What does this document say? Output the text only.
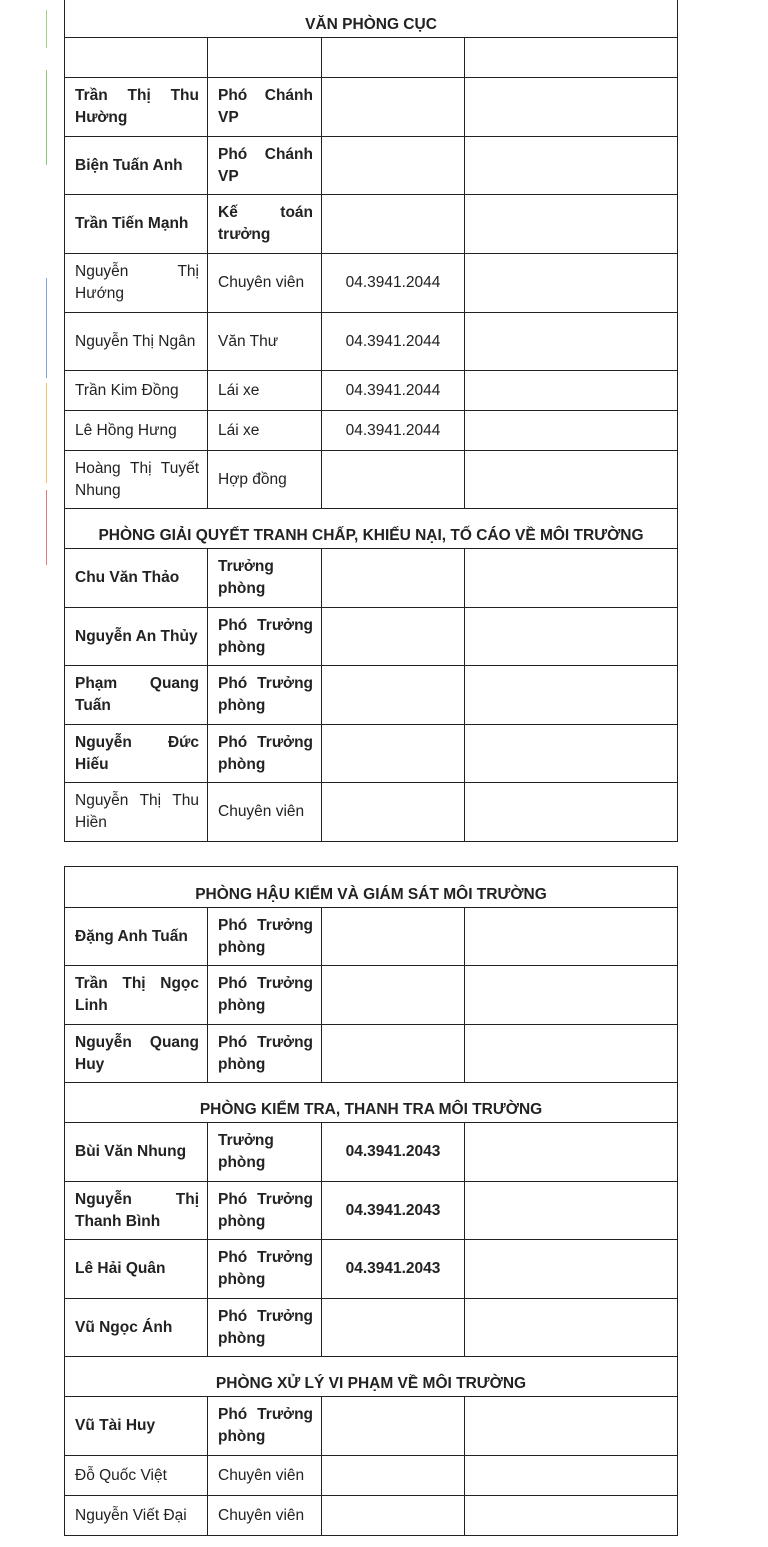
VĂN PHÒNG CỤC			

Trần Thị Thu Hường	Phó Chánh VP		
Biện Tuấn Anh	Phó Chánh VP		
Trần Tiến Mạnh	Kế toán trưởng		
Nguyễn Thị Hướng	Chuyên viên	04.3941.2044	
Nguyễn Thị Ngân	Văn Thư	04.3941.2044	
Trần Kim Đồng	Lái xe	04.3941.2044	
Lê Hồng Hưng	Lái xe	04.3941.2044	
Hoàng Thị Tuyết Nhung	Hợp đồng		
PHÒNG GIẢI QUYẾT TRANH CHẤP, KHIẾU NẠI, TỐ CÁO VỀ MÔI TRƯỜNG			
Chu Văn Thảo	Trưởng phòng		
Nguyễn An Thủy	Phó Trưởng phòng		
Phạm Quang Tuấn	Phó Trưởng phòng		
Nguyễn Đức Hiếu	Phó Trưởng phòng		
Nguyễn Thị Thu Hiền	Chuyên viên		
PHÒNG HẬU KIỂM VÀ GIÁM SÁT MÔI TRƯỜNG			
Đặng Anh Tuấn	Phó Trưởng phòng		
Trần Thị Ngọc Linh	Phó Trưởng phòng		
Nguyễn Quang Huy	Phó Trưởng phòng		
PHÒNG KIỂM TRA, THANH TRA MÔI TRƯỜNG			
Bùi Văn Nhung	Trưởng phòng	04.3941.2043	
Nguyễn Thị Thanh Bình	Phó Trưởng phòng	04.3941.2043	
Lê Hải Quân	Phó Trưởng phòng	04.3941.2043	
Vũ Ngọc Ánh	Phó Trưởng phòng		
PHÒNG XỬ LÝ VI PHẠM VỀ MÔI TRƯỜNG			
Vũ Tài Huy	Phó Trưởng phòng		
Đỗ Quốc Việt	Chuyên viên		
Nguyễn Viết Đại	Chuyên viên		
